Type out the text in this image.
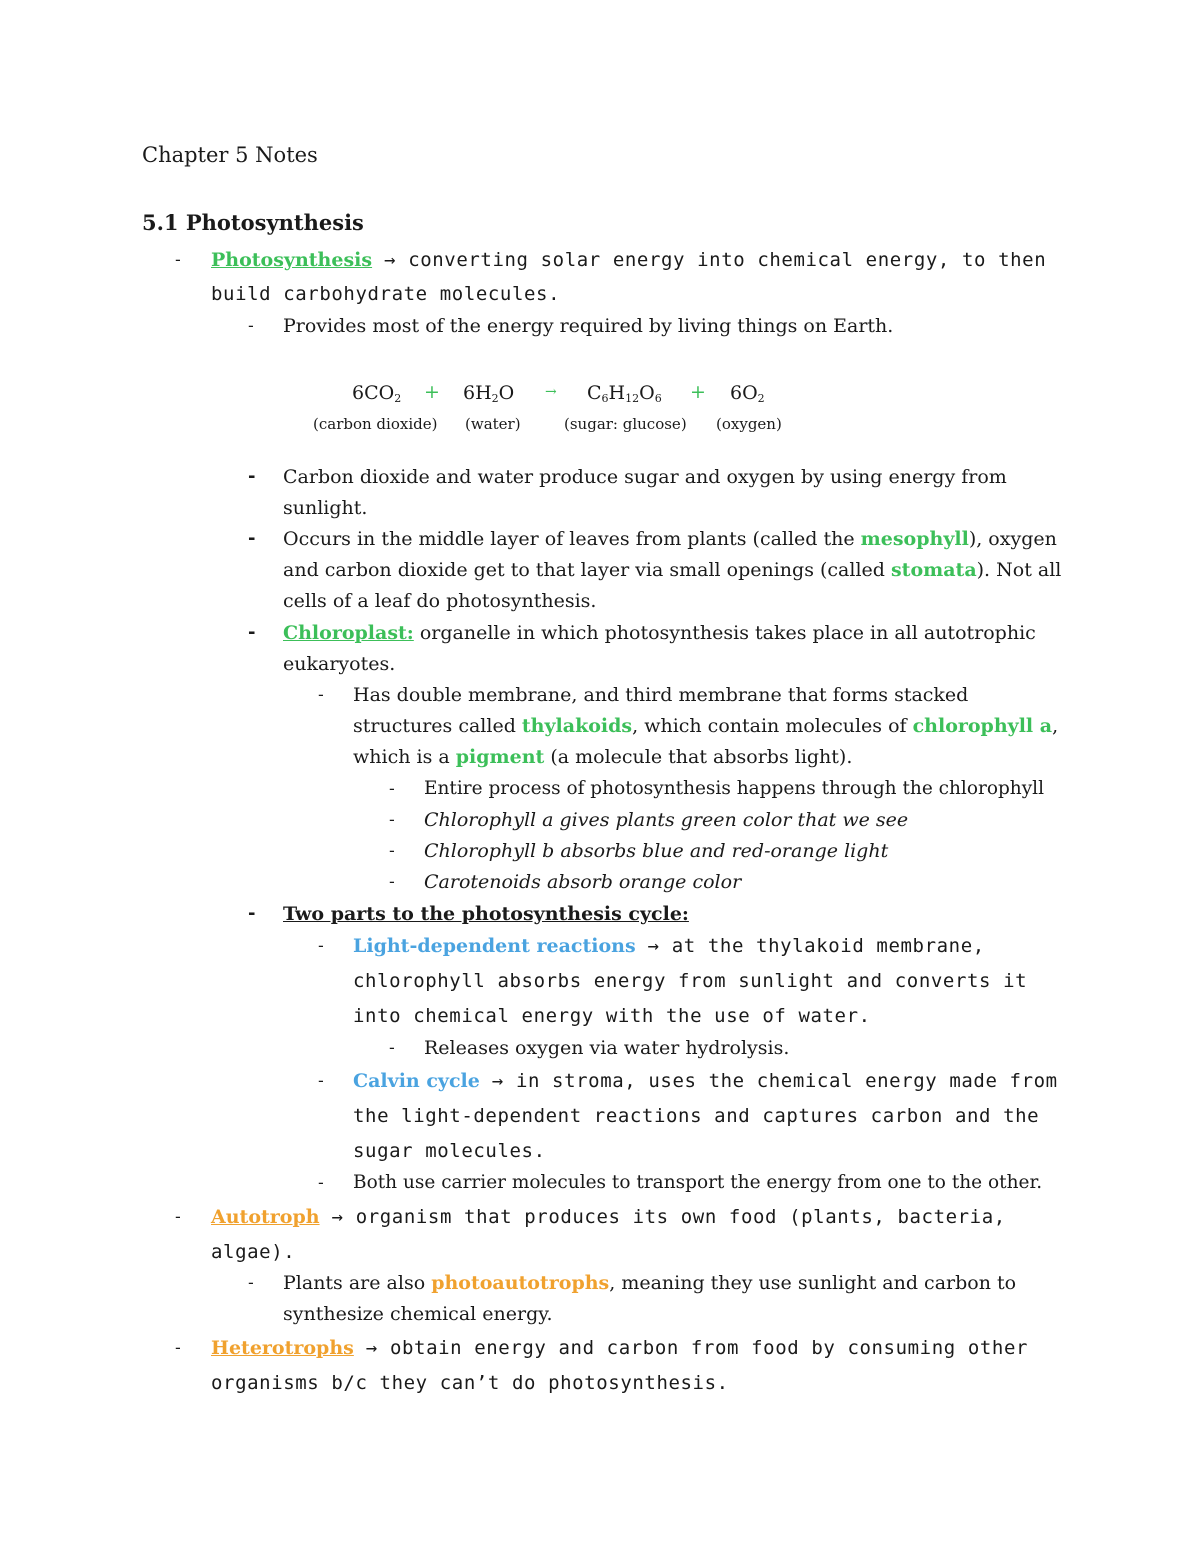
Chapter 5 Notes
5.1 Photosynthesis
- Photosynthesis → converting solar energy into chemical energy, to then
build carbohydrate molecules.
- Provides most of the energy required by living things on Earth.
$6CO_2 + 6H_2O \to C_6H_{12}O_6 + 6O_2$
(carbon dioxide) (water)	(sugar: glucose) (oxygen)
- Carbon dioxide and water produce sugar and oxygen by using energy from
sunlight.
- Occurs in the middle layer of leaves from plants (called the mesophyll), oxygen
and carbon dioxide get to that layer via small openings (called stomata). Not all
cells of a leaf do photosynthesis.
- Chloroplast: organelle in which photosynthesis takes place in all autotrophic
eukaryotes.
- Has double membrane, and third membrane that forms stacked
structures called thylakoids, which contain molecules of chlorophyll a,
which is a pigment (a molecule that absorbs light).
- Entire process of photosynthesis happens through the chlorophyll
- Chlorophyll a gives plants green color that we see
- Chlorophyll b absorbs blue and red-orange light
- Carotenoids absorb orange color
- Two parts to the photosynthesis cycle:
- Light-dependent reactions → at the thylakoid membrane,
chlorophyll absorbs energy from sunlight and converts it
into chemical energy with the use of water.
- Releases oxygen via water hydrolysis.
- Calvin cycle → in stroma, uses the chemical energy made from
the light-dependent reactions and captures carbon and the
sugar molecules.
- Both use carrier molecules to transport the energy from one to the other.
- Autotroph → organism that produces its own food (plants, bacteria,
algae).
- Plants are also photoautotrophs, meaning they use sunlight and carbon to
synthesize chemical energy.
- Heterotrophs → obtain energy and carbon from food by consuming other
organisms b/c they can’t do photosynthesis.
